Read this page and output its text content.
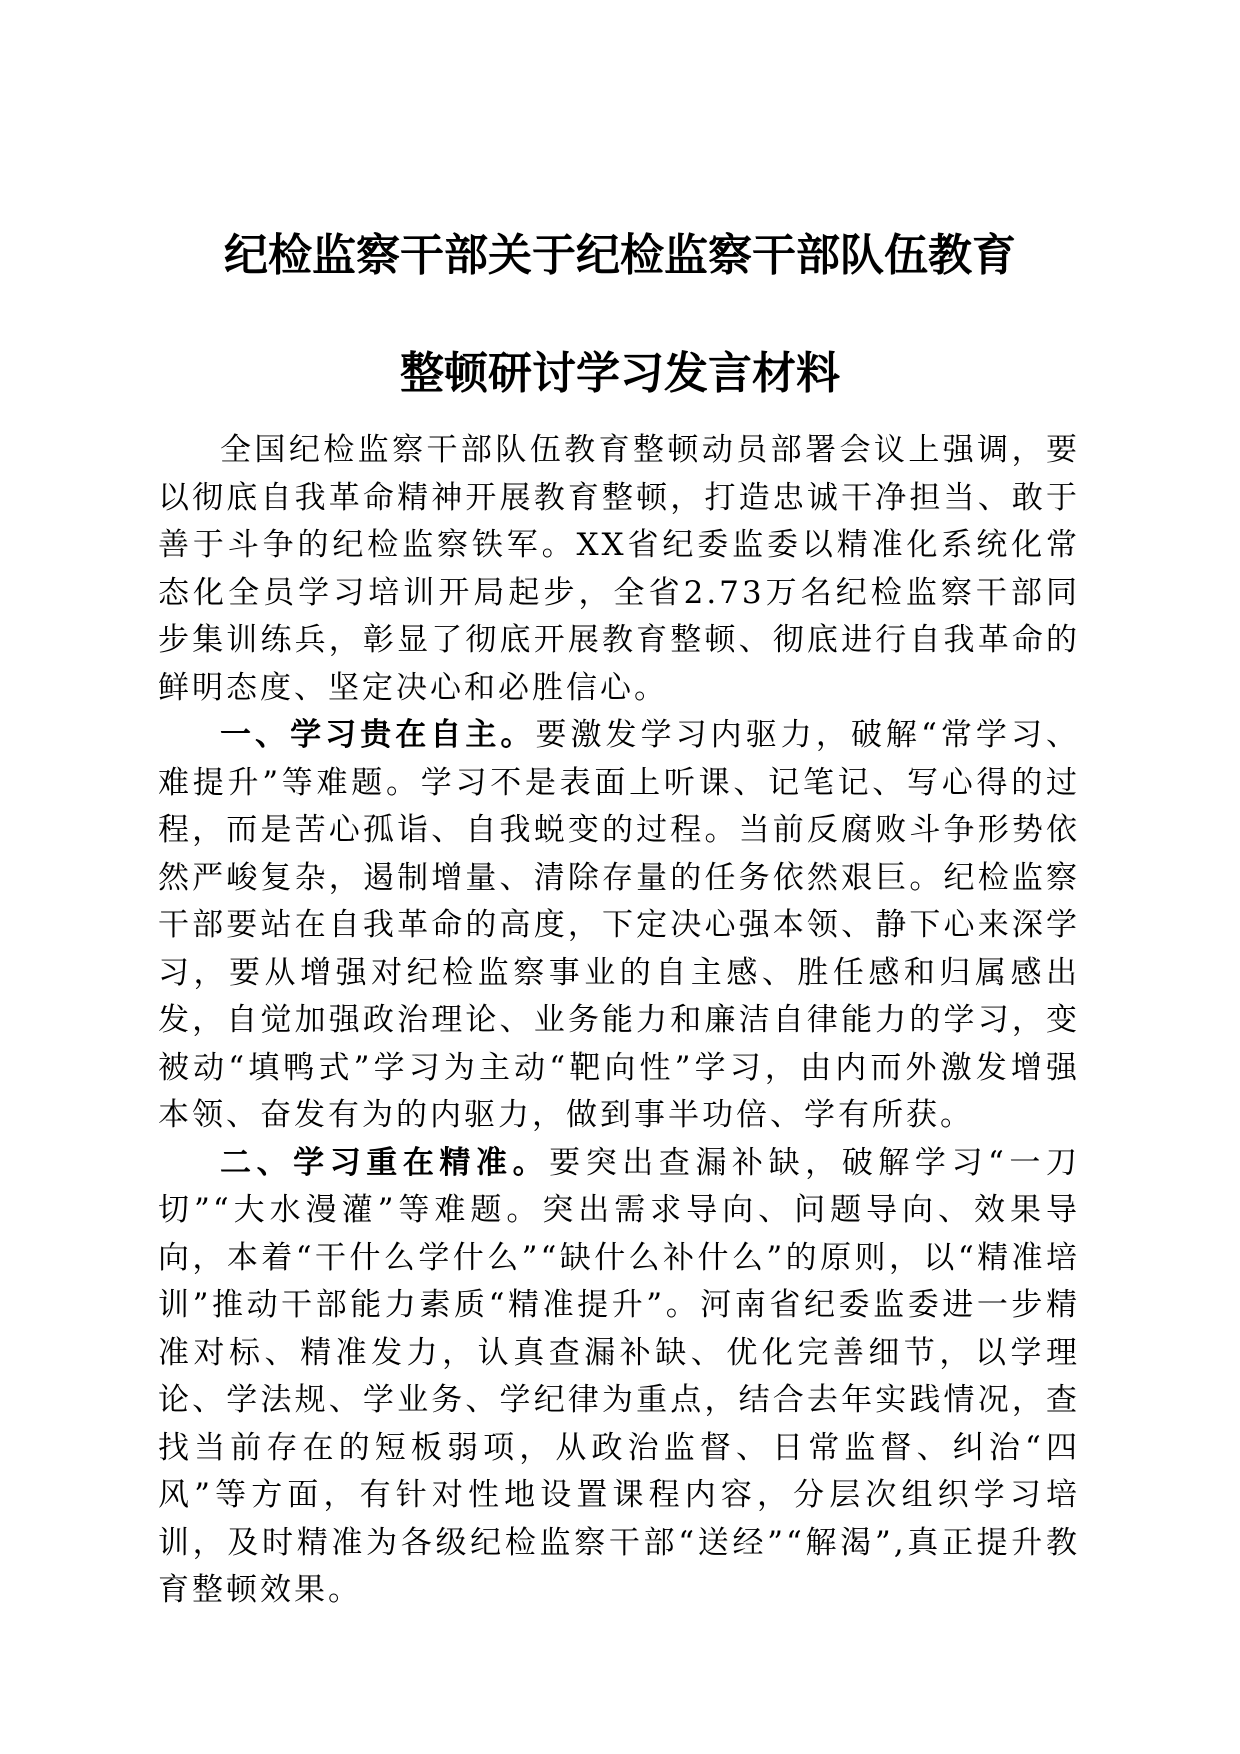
纪检监察干部关于纪检监察干部队伍教育
整顿研讨学习发言材料

全国纪检监察干部队伍教育整顿动员部署会议上强调，要以彻底自我革命精神开展教育整顿，打造忠诚干净担当、敢于善于斗争的纪检监察铁军。XX省纪委监委以精准化系统化常态化全员学习培训开局起步，全省2.73万名纪检监察干部同步集训练兵，彰显了彻底开展教育整顿、彻底进行自我革命的鲜明态度、坚定决心和必胜信心。

一、学习贵在自主。要激发学习内驱力，破解“常学习、难提升”等难题。学习不是表面上听课、记笔记、写心得的过程，而是苦心孤诣、自我蜕变的过程。当前反腐败斗争形势依然严峻复杂，遏制增量、清除存量的任务依然艰巨。纪检监察干部要站在自我革命的高度，下定决心强本领、静下心来深学习，要从增强对纪检监察事业的自主感、胜任感和归属感出发，自觉加强政治理论、业务能力和廉洁自律能力的学习，变被动“填鸭式”学习为主动“靶向性”学习，由内而外激发增强本领、奋发有为的内驱力，做到事半功倍、学有所获。

二、学习重在精准。要突出查漏补缺，破解学习“一刀切”“大水漫灌”等难题。突出需求导向、问题导向、效果导向，本着“干什么学什么”“缺什么补什么”的原则，以“精准培训”推动干部能力素质“精准提升”。河南省纪委监委进一步精准对标、精准发力，认真查漏补缺、优化完善细节，以学理论、学法规、学业务、学纪律为重点，结合去年实践情况，查找当前存在的短板弱项，从政治监督、日常监督、纠治“四风”等方面，有针对性地设置课程内容，分层次组织学习培训，及时精准为各级纪检监察干部“送经”“解渴”,真正提升教育整顿效果。
